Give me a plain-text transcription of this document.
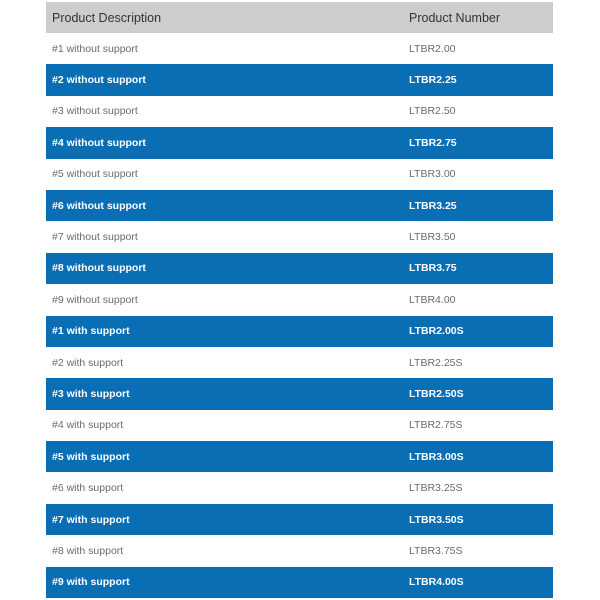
Product Description	Product Number
#1 without support	LTBR2.00
#2 without support	LTBR2.25
#3 without support	LTBR2.50
#4 without support	LTBR2.75
#5 without support	LTBR3.00
#6 without support	LTBR3.25
#7 without support	LTBR3.50
#8 without support	LTBR3.75
#9 without support	LTBR4.00
#1 with support	LTBR2.00S
#2 with support	LTBR2.25S
#3 with support	LTBR2.50S
#4 with support	LTBR2.75S
#5 with support	LTBR3.00S
#6 with support	LTBR3.25S
#7 with support	LTBR3.50S
#8 with support	LTBR3.75S
#9 with support	LTBR4.00S
